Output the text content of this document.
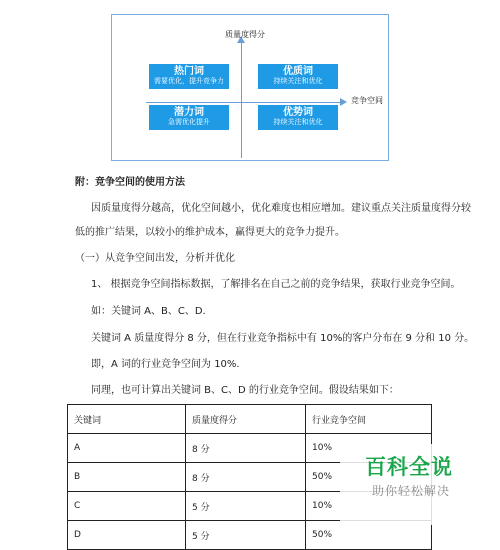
质量度得分
竞争空间
热门词
需要优化，提升竞争力
优质词
持续关注和优化
潜力词
急需优化提升
优势词
持续关注和优化
附：竞争空间的使用方法
因质量度得分越高，优化空间越小，优化难度也相应增加。建议重点关注质量度得分较
低的推广结果，以较小的维护成本，赢得更大的竞争力提升。
（一）从竞争空间出发，分析并优化
1、 根据竞争空间指标数据，了解排名在自己之前的竞争结果，获取行业竞争空间。
如：关键词 A、B、C、D.
关键词 A 质量度得分 8 分，但在行业竞争指标中有 10%的客户分布在 9 分和 10 分。
即，A 词的行业竞争空间为 10%.
同理，也可计算出关键词 B、C、D 的行业竞争空间。假设结果如下：
关键词	质量度得分	行业竞争空间
A	8 分	10%
B	8 分	50%
C	5 分	10%
D	5 分	50%
百科全说
助你轻松解决
